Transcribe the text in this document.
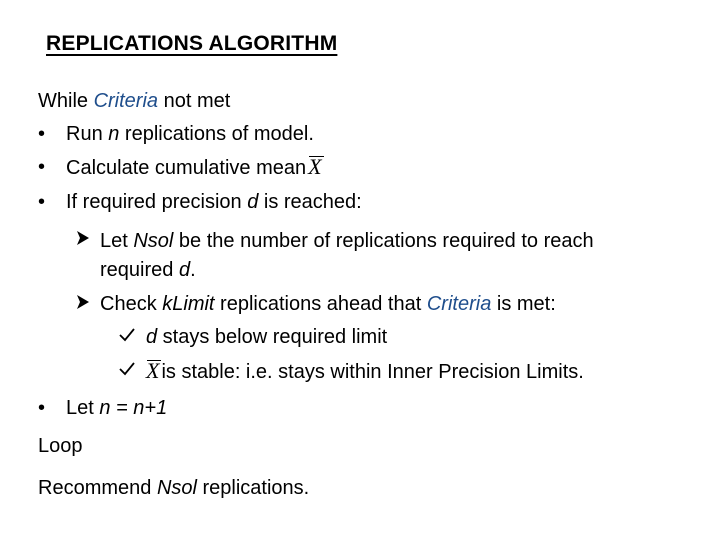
REPLICATIONS ALGORITHM
While Criteria not met
• Run n replications of model.
• Calculate cumulative meanX
• If required precision d is reached:
Let Nsol be the number of replications required to reach
required d.
Check kLimit replications ahead that Criteria is met:
d stays below required limit
X is stable: i.e. stays within Inner Precision Limits.
• Let n = n+1
Loop
Recommend Nsol replications.
